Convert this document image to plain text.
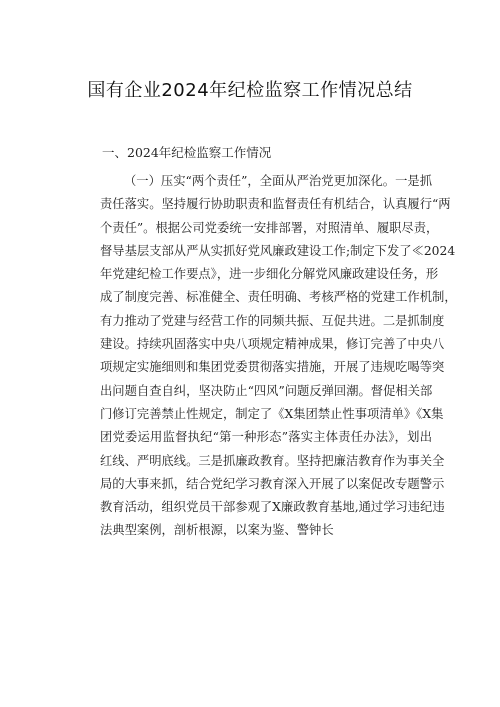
国有企业2024年纪检监察工作情况总结
一、2024年纪检监察工作情况
（一）压实“两个责任”，全面从严治党更加深化。一是抓
责任落实。坚持履行协助职责和监督责任有机结合，认真履行“两
个责任”。根据公司党委统一安排部署，对照清单、履职尽责，
督导基层支部从严从实抓好党风廉政建设工作;制定下发了≪2024
年党建纪检工作要点》，进一步细化分解党风廉政建设任务，形
成了制度完善、标准健全、责任明确、考核严格的党建工作机制，
有力推动了党建与经营工作的同频共振、互促共进。二是抓制度
建设。持续巩固落实中央八项规定精神成果，修订完善了中央八
项规定实施细则和集团党委贯彻落实措施，开展了违规吃喝等突
出问题自查自纠，坚决防止“四风”问题反弹回潮。督促相关部
门修订完善禁止性规定，制定了《X集团禁止性事项清单》《X集
团党委运用监督执纪“第一种形态”落实主体责任办法》，划出
红线、严明底线。三是抓廉政教育。坚持把廉洁教育作为事关全
局的大事来抓，结合党纪学习教育深入开展了以案促改专题警示
教育活动，组织党员干部参观了X廉政教育基地,通过学习违纪违
法典型案例，剖析根源，以案为鉴、警钟长
